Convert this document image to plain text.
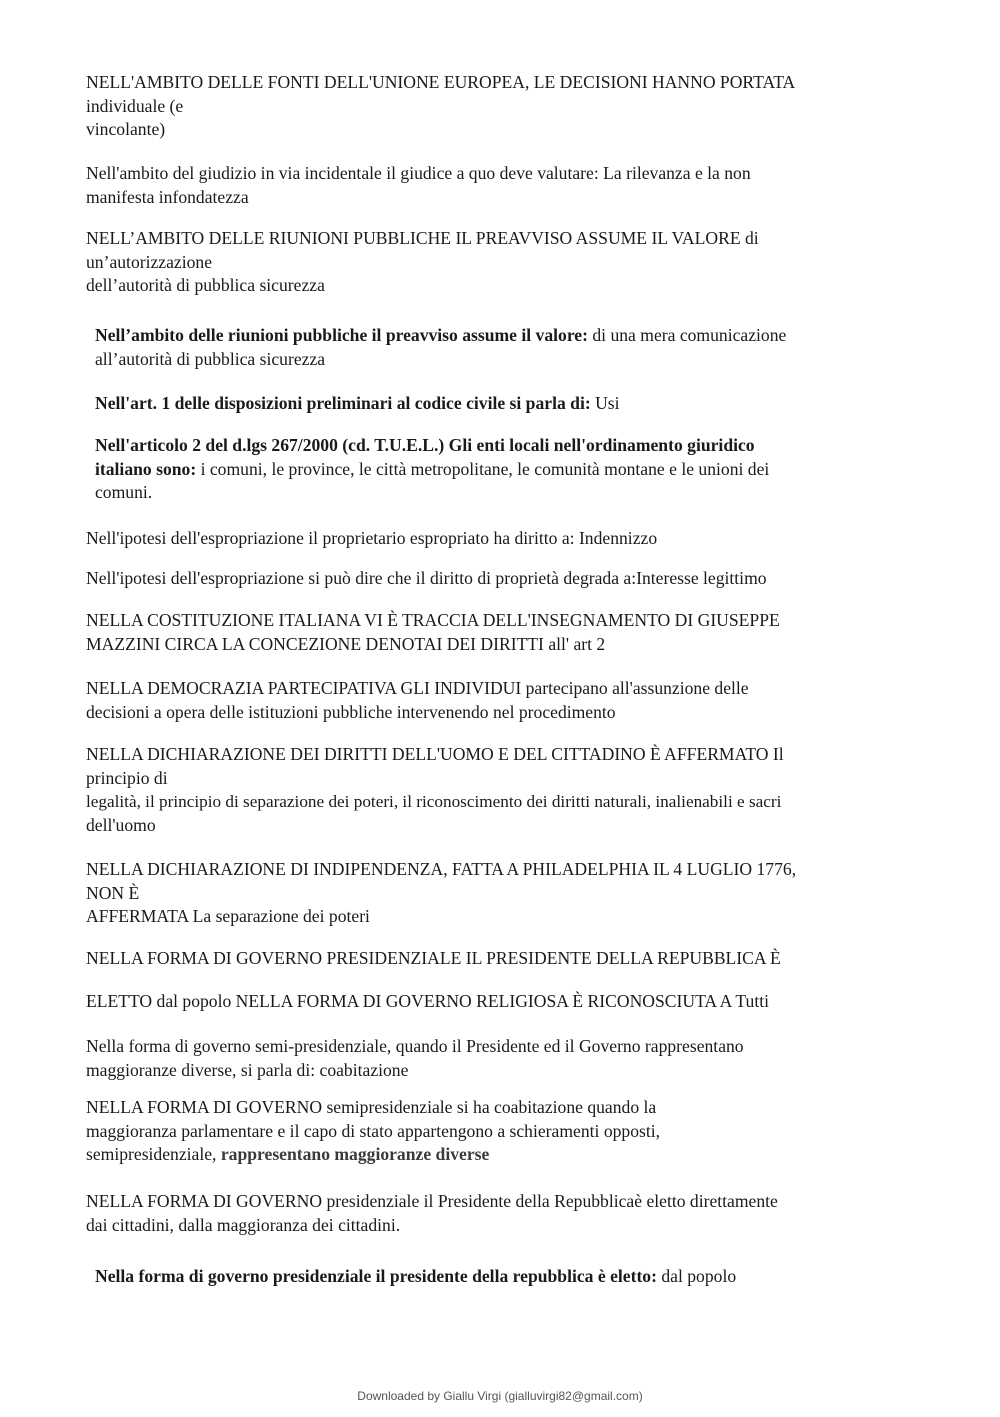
NELL'AMBITO DELLE FONTI DELL'UNIONE EUROPEA, LE DECISIONI HANNO PORTATA
individuale (e
vincolante)
Nell'ambito del giudizio in via incidentale il giudice a quo deve valutare: La rilevanza e la non
manifesta infondatezza
NELL’AMBITO DELLE RIUNIONI PUBBLICHE IL PREAVVISO ASSUME IL VALORE di
un’autorizzazione
dell’autorità di pubblica sicurezza
Nell’ambito delle riunioni pubbliche il preavviso assume il valore: di una mera comunicazione
all’autorità di pubblica sicurezza
Nell'art. 1 delle disposizioni preliminari al codice civile si parla di: Usi
Nell'articolo 2 del d.lgs 267/2000 (cd. T.U.E.L.) Gli enti locali nell'ordinamento giuridico
italiano sono: i comuni, le province, le città metropolitane, le comunità montane e le unioni dei
comuni.
Nell'ipotesi dell'espropriazione il proprietario espropriato ha diritto a: Indennizzo
Nell'ipotesi dell'espropriazione si può dire che il diritto di proprietà degrada a:Interesse legittimo
NELLA COSTITUZIONE ITALIANA VI È TRACCIA DELL'INSEGNAMENTO DI GIUSEPPE
MAZZINI CIRCA LA CONCEZIONE DENOTAI DEI DIRITTI all' art 2
NELLA DEMOCRAZIA PARTECIPATIVA GLI INDIVIDUI partecipano all'assunzione delle
decisioni a opera delle istituzioni pubbliche intervenendo nel procedimento
NELLA DICHIARAZIONE DEI DIRITTI DELL'UOMO E DEL CITTADINO È AFFERMATO Il
principio di
legalità, il principio di separazione dei poteri, il riconoscimento dei diritti naturali, inalienabili e sacri
dell'uomo
NELLA DICHIARAZIONE DI INDIPENDENZA, FATTA A PHILADELPHIA IL 4 LUGLIO 1776,
NON È
AFFERMATA La separazione dei poteri
NELLA FORMA DI GOVERNO PRESIDENZIALE IL PRESIDENTE DELLA REPUBBLICA È
ELETTO dal popolo NELLA FORMA DI GOVERNO RELIGIOSA È RICONOSCIUTA A Tutti
Nella forma di governo semi-presidenziale, quando il Presidente ed il Governo rappresentano
maggioranze diverse, si parla di: coabitazione
NELLA FORMA DI GOVERNO semipresidenziale si ha coabitazione quando la
maggioranza parlamentare e il capo di stato appartengono a schieramenti opposti,
semipresidenziale, rappresentano maggioranze diverse
NELLA FORMA DI GOVERNO presidenziale il Presidente della Repubblicaè eletto direttamente
dai cittadini, dalla maggioranza dei cittadini.
Nella forma di governo presidenziale il presidente della repubblica è eletto: dal popolo
Downloaded by Giallu Virgi (gialluvirgi82@gmail.com)
